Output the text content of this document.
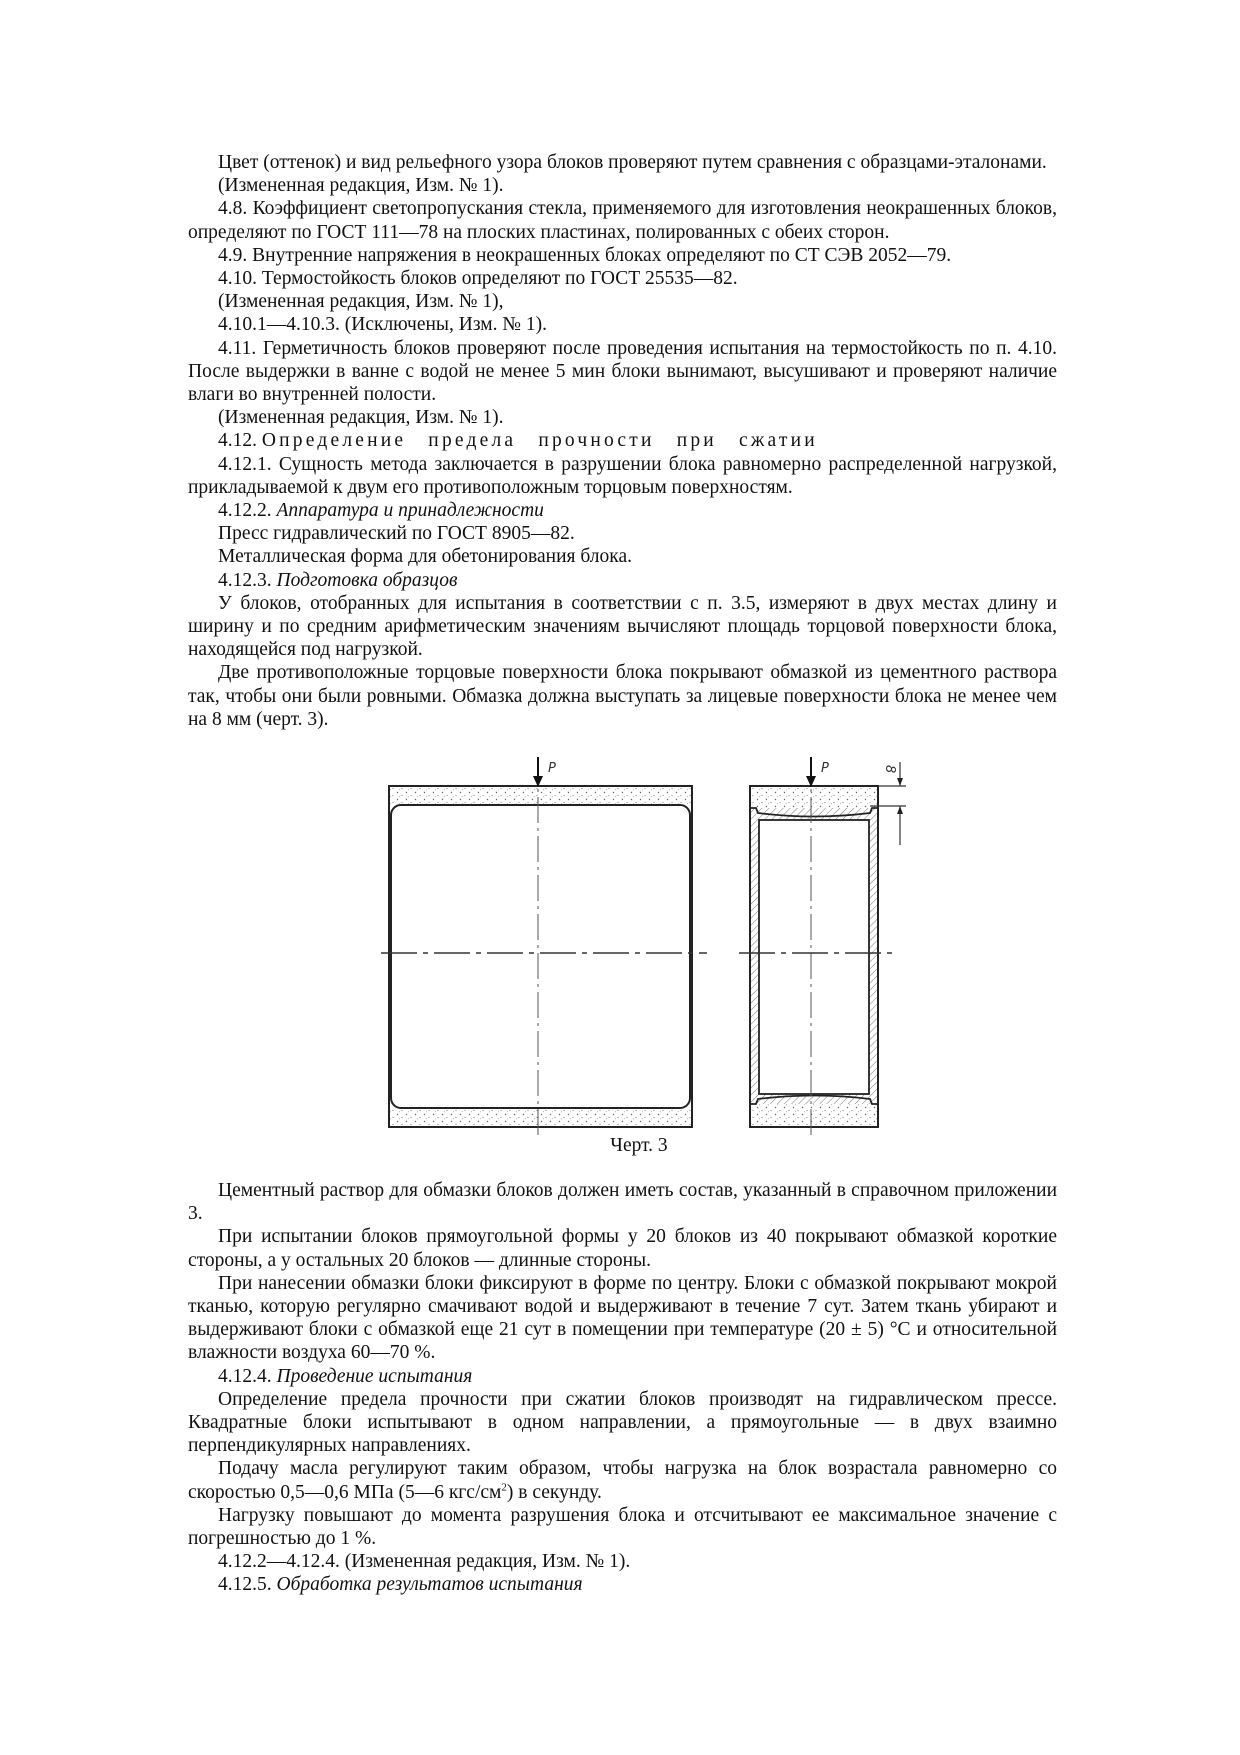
Цвет (оттенок) и вид рельефного узора блоков проверяют путем сравнения с образцами-эталонами.

(Измененная редакция, Изм. № 1).

4.8. Коэффициент светопропускания стекла, применяемого для изготовления неокрашенных блоков, определяют по ГОСТ 111—78 на плоских пластинах, полированных с обеих сторон.

4.9. Внутренние напряжения в неокрашенных блоках определяют по СТ СЭВ 2052—79.

4.10. Термостойкость блоков определяют по ГОСТ 25535—82.

(Измененная редакция, Изм. № 1),

4.10.1—4.10.3. (Исключены, Изм. № 1).

4.11. Герметичность блоков проверяют после проведения испытания на термостойкость по п. 4.10. После выдержки в ванне с водой не менее 5 мин блоки вынимают, высушивают и проверяют наличие влаги во внутренней полости.

(Измененная редакция, Изм. № 1).

4.12. Определение предела прочности при сжатии

4.12.1. Сущность метода заключается в разрушении блока равномерно распределенной нагрузкой, прикладываемой к двум его противоположным торцовым поверхностям.

4.12.2. Аппаратура и принадлежности

Пресс гидравлический по ГОСТ 8905—82.

Металлическая форма для обетонирования блока.

4.12.3. Подготовка образцов

У блоков, отобранных для испытания в соответствии с п. 3.5, измеряют в двух местах длину и ширину и по средним арифметическим значениям вычисляют площадь торцовой поверхности блока, находящейся под нагрузкой.

Две противоположные торцовые поверхности блока покрывают обмазкой из цементного раствора так, чтобы они были ровными. Обмазка должна выступать за лицевые поверхности блока не менее чем на 8 мм (черт. 3).

P	P	8
Черт. 3

Цементный раствор для обмазки блоков должен иметь состав, указанный в справочном приложении 3.

При испытании блоков прямоугольной формы у 20 блоков из 40 покрывают обмазкой короткие стороны, а у остальных 20 блоков — длинные стороны.

При нанесении обмазки блоки фиксируют в форме по центру. Блоки с обмазкой покрывают мокрой тканью, которую регулярно смачивают водой и выдерживают в течение 7 сут. Затем ткань убирают и выдерживают блоки с обмазкой еще 21 сут в помещении при температуре (20 ± 5) °С и относительной влажности воздуха 60—70 %.

4.12.4. Проведение испытания

Определение предела прочности при сжатии блоков производят на гидравлическом прессе. Квадратные блоки испытывают в одном направлении, а прямоугольные — в двух взаимно перпендикулярных направлениях.

Подачу масла регулируют таким образом, чтобы нагрузка на блок возрастала равномерно со скоростью 0,5—0,6 МПа (5—6 кгс/$см^2$) в секунду.

Нагрузку повышают до момента разрушения блока и отсчитывают ее максимальное значение с погрешностью до 1 %.

4.12.2—4.12.4. (Измененная редакция, Изм. № 1).

4.12.5. Обработка результатов испытания
